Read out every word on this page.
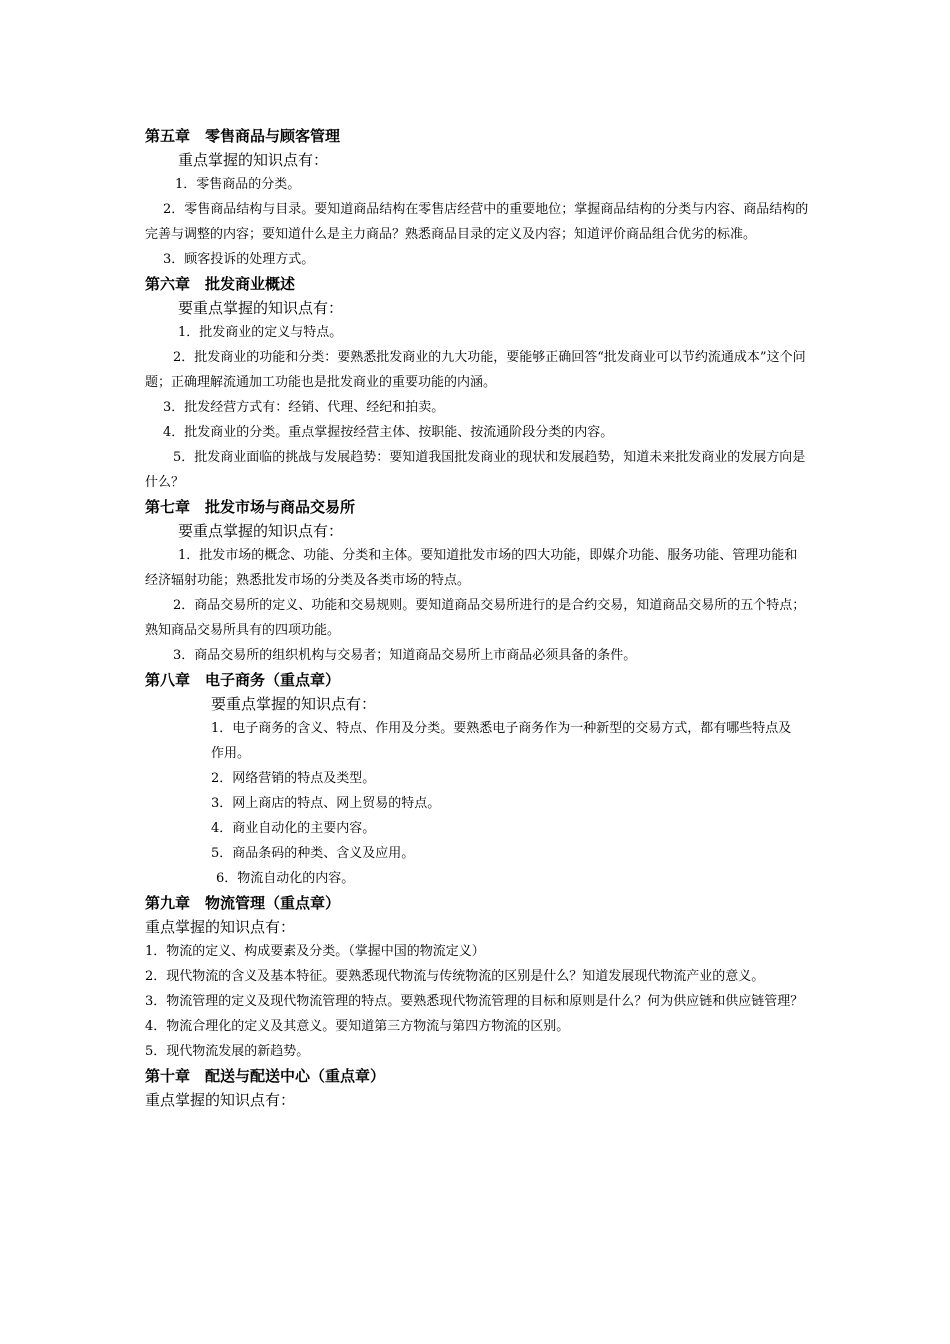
第五章　零售商品与顾客管理
重点掌握的知识点有：
1．零售商品的分类。
2．零售商品结构与目录。要知道商品结构在零售店经营中的重要地位；掌握商品结构的分类与内容、商品结构的完善与调整的内容；要知道什么是主力商品？熟悉商品目录的定义及内容；知道评价商品组合优劣的标准。
3．顾客投诉的处理方式。
第六章　批发商业概述
要重点掌握的知识点有：
1．批发商业的定义与特点。
2．批发商业的功能和分类：要熟悉批发商业的九大功能，要能够正确回答“批发商业可以节约流通成本”这个问题；正确理解流通加工功能也是批发商业的重要功能的内涵。
3．批发经营方式有：经销、代理、经纪和拍卖。
4．批发商业的分类。重点掌握按经营主体、按职能、按流通阶段分类的内容。
5．批发商业面临的挑战与发展趋势：要知道我国批发商业的现状和发展趋势，知道未来批发商业的发展方向是什么？
第七章　批发市场与商品交易所
要重点掌握的知识点有：
1．批发市场的概念、功能、分类和主体。要知道批发市场的四大功能，即媒介功能、服务功能、管理功能和经济辐射功能；熟悉批发市场的分类及各类市场的特点。
2．商品交易所的定义、功能和交易规则。要知道商品交易所进行的是合约交易，知道商品交易所的五个特点；熟知商品交易所具有的四项功能。
3．商品交易所的组织机构与交易者；知道商品交易所上市商品必须具备的条件。
第八章　电子商务（重点章）
要重点掌握的知识点有：
1．电子商务的含义、特点、作用及分类。要熟悉电子商务作为一种新型的交易方式，都有哪些特点及作用。
2．网络营销的特点及类型。
3．网上商店的特点、网上贸易的特点。
4．商业自动化的主要内容。
5．商品条码的种类、含义及应用。
6．物流自动化的内容。
第九章　物流管理（重点章）
重点掌握的知识点有：
1．物流的定义、构成要素及分类。（掌握中国的物流定义）
2．现代物流的含义及基本特征。要熟悉现代物流与传统物流的区别是什么？知道发展现代物流产业的意义。
3．物流管理的定义及现代物流管理的特点。要熟悉现代物流管理的目标和原则是什么？何为供应链和供应链管理？
4．物流合理化的定义及其意义。要知道第三方物流与第四方物流的区别。
5．现代物流发展的新趋势。
第十章　配送与配送中心（重点章）
重点掌握的知识点有：
